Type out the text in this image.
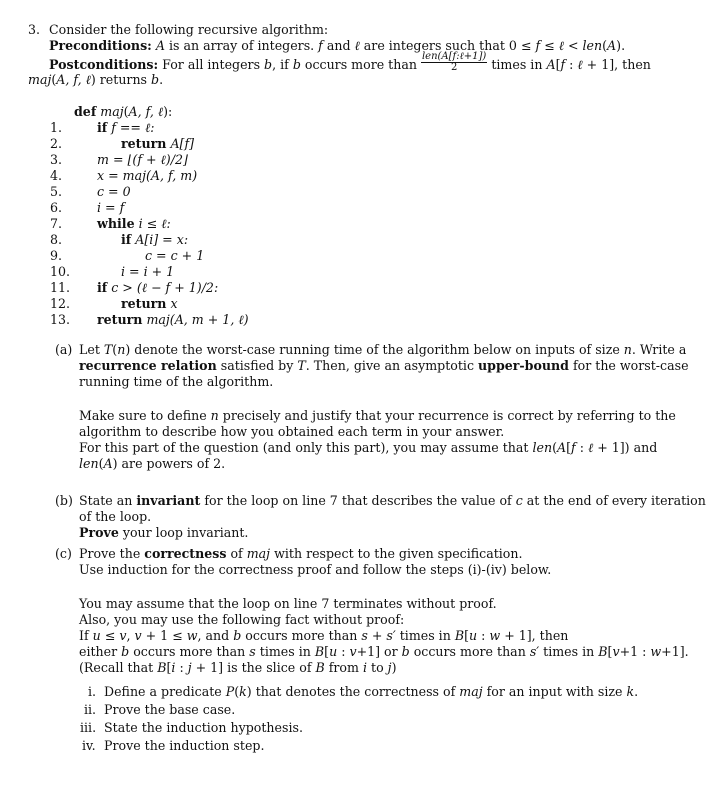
3. Consider the following recursive algorithm:
Preconditions: A is an array of integers. f and ℓ are integers such that 0 ≤ f ≤ ℓ < len(A).
Postconditions: For all integers b, if b occurs more than $\frac{\text{len(A[f:ℓ+1])}}{2}$ times in A[f : ℓ + 1], then
maj(A, f, ℓ) returns b.
def maj(A, f, ℓ):
1.	if f == ℓ:
2.	return A[f]
3.	m = ⌊(f + ℓ)/2⌋
4.	x = maj(A, f, m)
5.	c = 0
6.	i = f
7.	while i ≤ ℓ:
8.	if A[i] = x:
9.	c = c + 1
10.	i = i + 1
11.	if c > (ℓ − f + 1)/2:
12.	return x
13.	return maj(A, m + 1, ℓ)
(a) Let T(n) denote the worst-case running time of the algorithm below on inputs of size n. Write a
recurrence relation satisfied by T. Then, give an asymptotic upper-bound for the worst-case
running time of the algorithm.
Make sure to define n precisely and justify that your recurrence is correct by referring to the
algorithm to describe how you obtained each term in your answer.
For this part of the question (and only this part), you may assume that len(A[f : ℓ + 1]) and
len(A) are powers of 2.
(b) State an invariant for the loop on line 7 that describes the value of c at the end of every iteration
of the loop.
Prove your loop invariant.
(c) Prove the correctness of maj with respect to the given specification.
Use induction for the correctness proof and follow the steps (i)-(iv) below.
You may assume that the loop on line 7 terminates without proof.
Also, you may use the following fact without proof:
If u ≤ v, v + 1 ≤ w, and b occurs more than s + s′ times in B[u : w + 1], then
either b occurs more than s times in B[u : v+1] or b occurs more than s′ times in B[v+1 : w+1].
(Recall that B[i : j + 1] is the slice of B from i to j)
i. Define a predicate P(k) that denotes the correctness of maj for an input with size k.
ii. Prove the base case.
iii. State the induction hypothesis.
iv. Prove the induction step.
